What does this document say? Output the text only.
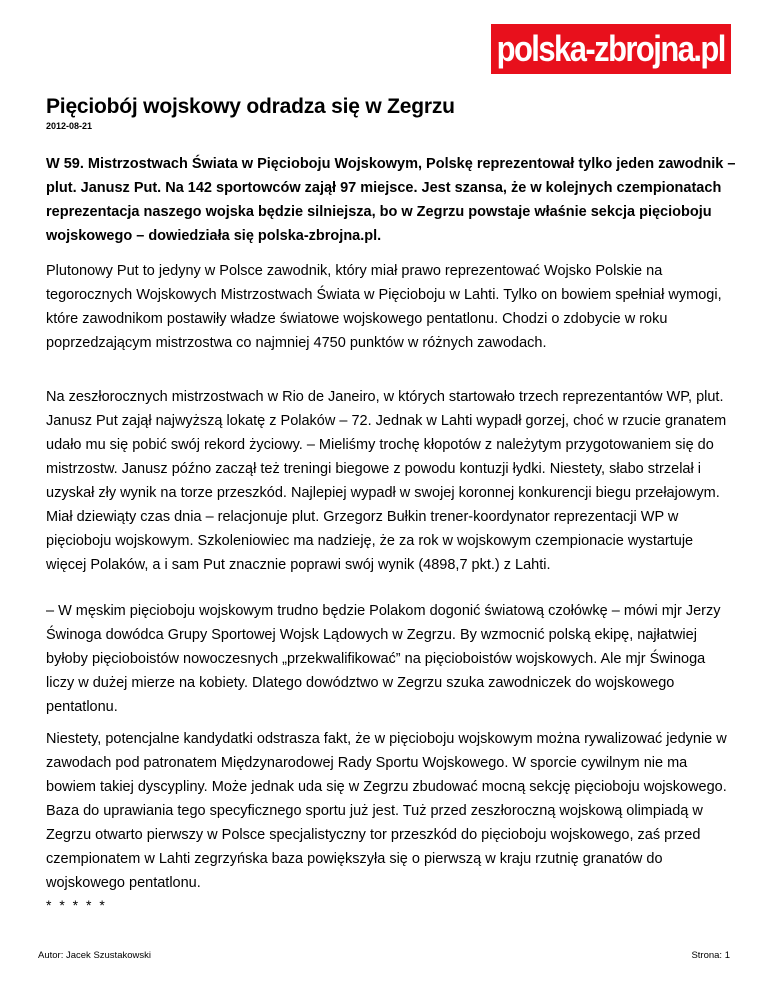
polska-zbrojna.pl
Pięciobój wojskowy odradza się w Zegrzu
2012-08-21

W 59. Mistrzostwach Świata w Pięcioboju Wojskowym, Polskę reprezentował tylko jeden zawodnik – plut. Janusz Put. Na 142 sportowców zajął 97 miejsce. Jest szansa, że w kolejnych czempionatach reprezentacja naszego wojska będzie silniejsza, bo w Zegrzu powstaje właśnie sekcja pięcioboju wojskowego – dowiedziała się polska-zbrojna.pl.

Plutonowy Put to jedyny w Polsce zawodnik, który miał prawo reprezentować Wojsko Polskie na tegorocznych Wojskowych Mistrzostwach Świata w Pięcioboju w Lahti. Tylko on bowiem spełniał wymogi, które zawodnikom postawiły władze światowe wojskowego pentatlonu. Chodzi o zdobycie w roku poprzedzającym mistrzostwa co najmniej 4750 punktów w różnych zawodach.

Na zeszłorocznych mistrzostwach w Rio de Janeiro, w których startowało trzech reprezentantów WP, plut. Janusz Put zajął najwyższą lokatę z Polaków – 72. Jednak w Lahti wypadł gorzej, choć w rzucie granatem udało mu się pobić swój rekord życiowy. – Mieliśmy trochę kłopotów z należytym przygotowaniem się do mistrzostw. Janusz późno zaczął też treningi biegowe z powodu kontuzji łydki. Niestety, słabo strzelał i uzyskał zły wynik na torze przeszkód. Najlepiej wypadł w swojej koronnej konkurencji biegu przełajowym. Miał dziewiąty czas dnia – relacjonuje plut. Grzegorz Bułkin trener-koordynator reprezentacji WP w pięcioboju wojskowym. Szkoleniowiec ma nadzieję, że za rok w wojskowym czempionacie wystartuje więcej Polaków, a i sam Put znacznie poprawi swój wynik (4898,7 pkt.) z Lahti.

– W męskim pięcioboju wojskowym trudno będzie Polakom dogonić światową czołówkę – mówi mjr Jerzy Świnoga dowódca Grupy Sportowej Wojsk Lądowych w Zegrzu. By wzmocnić polską ekipę, najłatwiej byłoby pięcioboistów nowoczesnych „przekwalifikować” na pięcioboistów wojskowych. Ale mjr Świnoga liczy w dużej mierze na kobiety. Dlatego dowództwo w Zegrzu szuka zawodniczek do wojskowego pentatlonu.

Niestety, potencjalne kandydatki odstrasza fakt, że w pięcioboju wojskowym można rywalizować jedynie w zawodach pod patronatem Międzynarodowej Rady Sportu Wojskowego. W sporcie cywilnym nie ma bowiem takiej dyscypliny. Może jednak uda się w Zegrzu zbudować mocną sekcję pięcioboju wojskowego. Baza do uprawiania tego specyficznego sportu już jest. Tuż przed zeszłoroczną wojskową olimpiadą w Zegrzu otwarto pierwszy w Polsce specjalistyczny tor przeszkód do pięcioboju wojskowego, zaś przed czempionatem w Lahti zegrzyńska baza powiększyła się o pierwszą w kraju rzutnię granatów do wojskowego pentatlonu.

* * * * *
Autor: Jacek Szustakowski	Strona: 1
